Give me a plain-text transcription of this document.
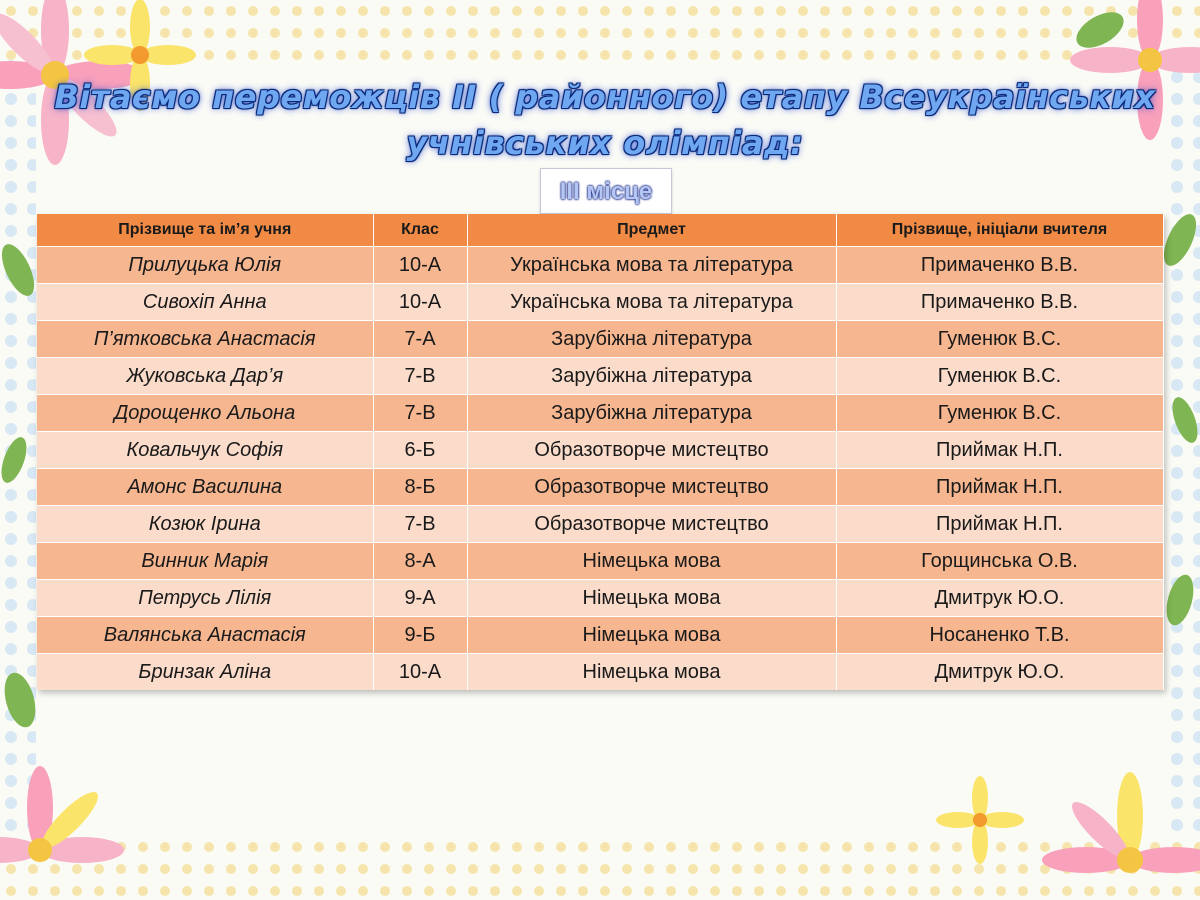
Вітаємо переможців ІІ ( районного) етапу Всеукраїнських
учнівських олімпіад:
ІІІ місце
Прізвище та ім’я учня	Клас	Предмет	Прізвище, ініціали вчителя
Прилуцька Юлія	10-А	Українська мова та література	Примаченко В.В.
Сивохіп Анна	10-А	Українська мова та література	Примаченко В.В.
П’ятковська Анастасія	7-А	Зарубіжна література	Гуменюк В.С.
Жуковська Дар’я	7-В	Зарубіжна література	Гуменюк В.С.
Дорощенко Альона	7-В	Зарубіжна література	Гуменюк В.С.
Ковальчук Софія	6-Б	Образотворче мистецтво	Приймак Н.П.
Амонс Василина	8-Б	Образотворче мистецтво	Приймак Н.П.
Козюк Ірина	7-В	Образотворче мистецтво	Приймак Н.П.
Винник Марія	8-А	Німецька мова	Горщинська О.В.
Петрусь Лілія	9-А	Німецька мова	Дмитрук Ю.О.
Валянська Анастасія	9-Б	Німецька мова	Носаненко Т.В.
Бринзак Аліна	10-А	Німецька мова	Дмитрук Ю.О.
